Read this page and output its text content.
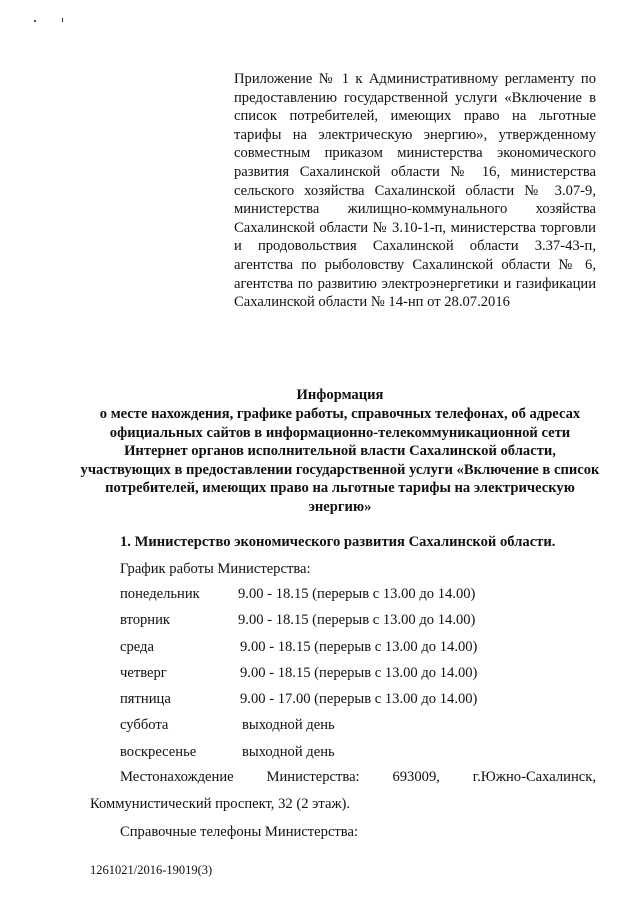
Приложение № 1 к Административному регламенту по предоставлению государственной услуги «Включение в список потребителей, имеющих право на льготные тарифы на электрическую энергию», утвержденному совместным приказом министерства экономического развития Сахалинской области № 16, министерства сельского хозяйства Сахалинской области № 3.07-9, министерства жилищно-коммунального хозяйства Сахалинской области № 3.10-1-п, министерства торговли и продовольствия Сахалинской области 3.37-43-п, агентства по рыболовству Сахалинской области № 6, агентства по развитию электроэнергетики и газификации Сахалинской области № 14-нп от 28.07.2016
Информация
о месте нахождения, графике работы, справочных телефонах, об адресах официальных сайтов в информационно-телекоммуникационной сети Интернет органов исполнительной власти Сахалинской области, участвующих в предоставлении государственной услуги «Включение в список потребителей, имеющих право на льготные тарифы на электрическую энергию»
1. Министерство экономического развития Сахалинской области.
График работы Министерства:
понедельник	9.00 - 18.15 (перерыв с 13.00 до 14.00)
вторник	9.00 - 18.15 (перерыв с 13.00 до 14.00)
среда	9.00 - 18.15 (перерыв с 13.00 до 14.00)
четверг	9.00 - 18.15 (перерыв с 13.00 до 14.00)
пятница	9.00 - 17.00 (перерыв с 13.00 до 14.00)
суббота	выходной день
воскресенье	выходной день
Местонахождение Министерства: 693009, г.Южно-Сахалинск,
Коммунистический проспект, 32 (2 этаж).
Справочные телефоны Министерства:
1261021/2016-19019(3)
